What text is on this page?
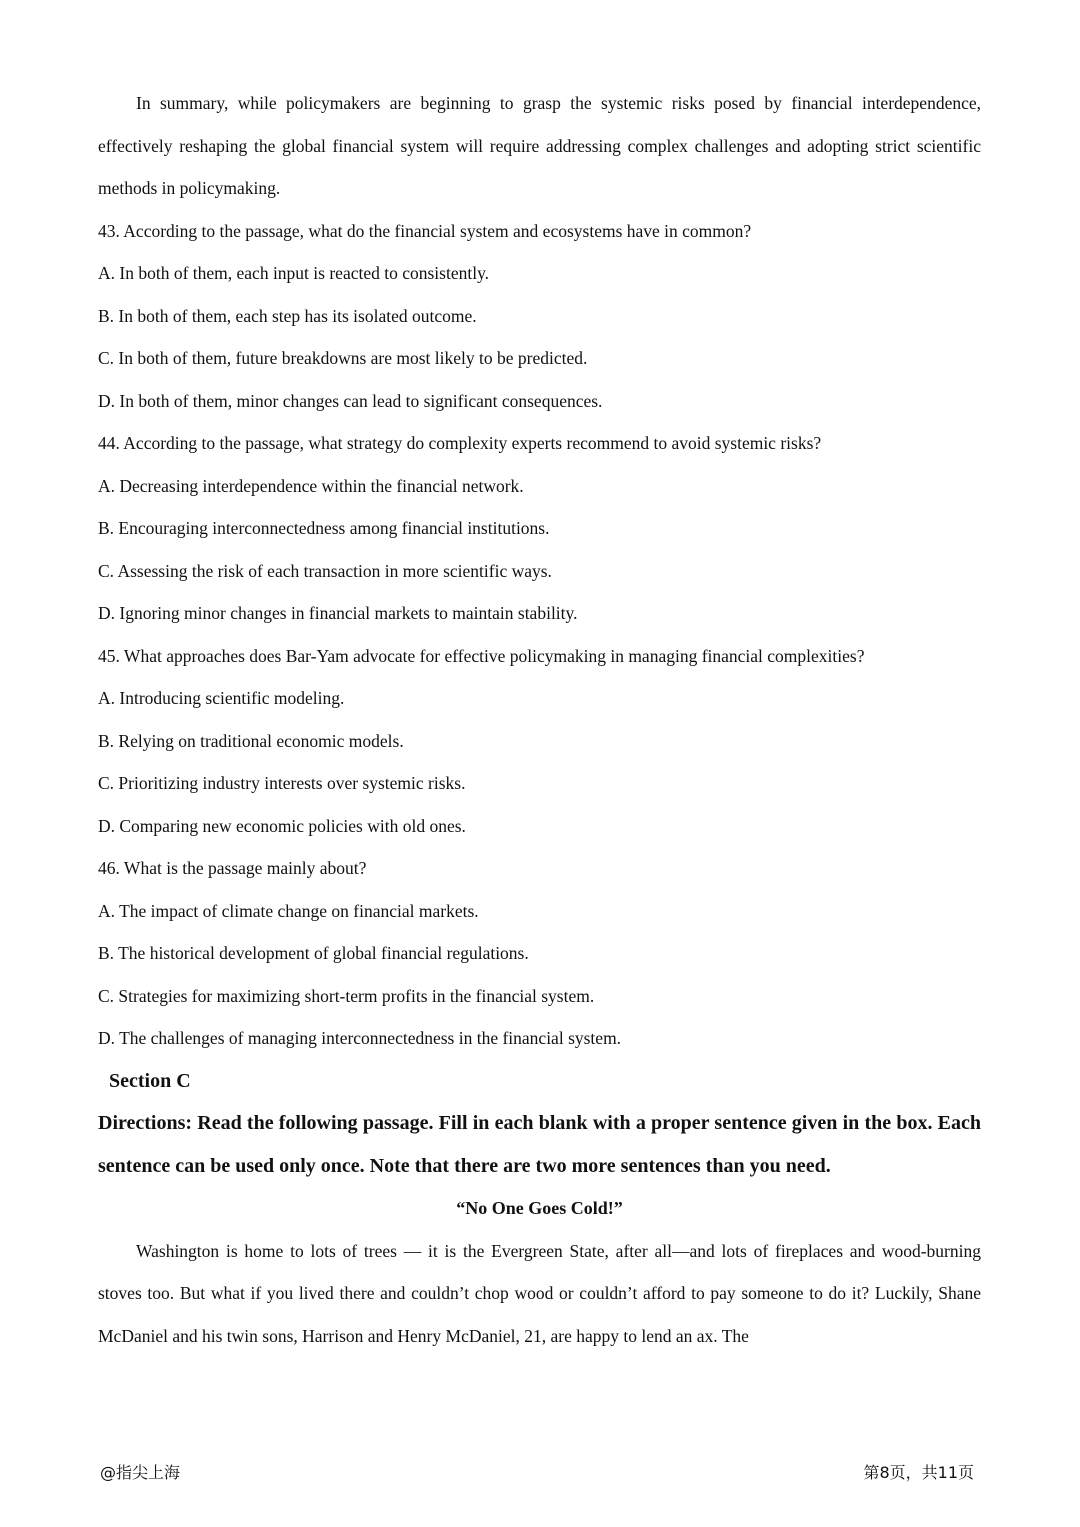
In summary, while policymakers are beginning to grasp the systemic risks posed by financial interdependence, effectively reshaping the global financial system will require addressing complex challenges and adopting strict scientific methods in policymaking.

43. According to the passage, what do the financial system and ecosystems have in common?

A. In both of them, each input is reacted to consistently.

B. In both of them, each step has its isolated outcome.

C. In both of them, future breakdowns are most likely to be predicted.

D. In both of them, minor changes can lead to significant consequences.

44. According to the passage, what strategy do complexity experts recommend to avoid systemic risks?

A. Decreasing interdependence within the financial network.

B. Encouraging interconnectedness among financial institutions.

C. Assessing the risk of each transaction in more scientific ways.

D. Ignoring minor changes in financial markets to maintain stability.

45. What approaches does Bar-Yam advocate for effective policymaking in managing financial complexities?

A. Introducing scientific modeling.

B. Relying on traditional economic models.

C. Prioritizing industry interests over systemic risks.

D. Comparing new economic policies with old ones.

46. What is the passage mainly about?

A. The impact of climate change on financial markets.

B. The historical development of global financial regulations.

C. Strategies for maximizing short-term profits in the financial system.

D. The challenges of managing interconnectedness in the financial system.

Section C

Directions: Read the following passage. Fill in each blank with a proper sentence given in the box. Each sentence can be used only once. Note that there are two more sentences than you need.

“No One Goes Cold!”

Washington is home to lots of trees — it is the Evergreen State, after all—and lots of fireplaces and wood-burning stoves too. But what if you lived there and couldn’t chop wood or couldn’t afford to pay someone to do it? Luckily, Shane McDaniel and his twin sons, Harrison and Henry McDaniel, 21, are happy to lend an ax. The

@指尖上海	第8页，共11页
